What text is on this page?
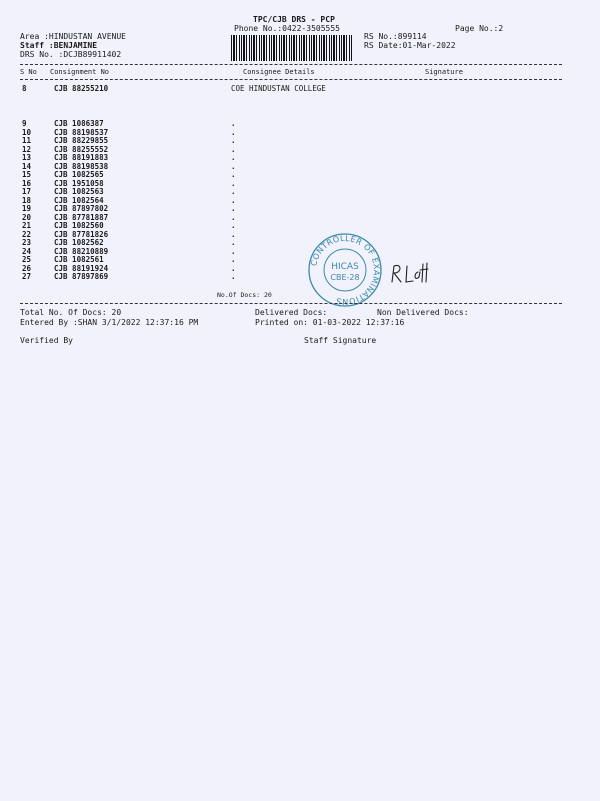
TPC/CJB DRS - PCP
Phone No.:0422-3505555	Page No.:2
Area :HINDUSTAN AVENUE
Staff :BENJAMINE
DRS No. :DCJB89911402
RS No.:899114
RS Date:01-Mar-2022
S No Consignment No	Consignee Details	Signature
8	CJB 88255210	COE HINDUSTAN COLLEGE
9	CJB 1086387	.
10	CJB 88198537	.
11	CJB 88229855	.
12	CJB 88255552	.
13	CJB 88191883	.
14	CJB 88198538	.
15	CJB 1082565	.
16	CJB 1951058	.
17	CJB 1082563	.
18	CJB 1082564	.
19	CJB 87897802	.
20	CJB 87781887	.
21	CJB 1082560	.
22	CJB 87781826	.
23	CJB 1082562	.
24	CJB 88210889	.
25	CJB 1082561	.
26	CJB 88191924	.
27	CJB 87897869	.
No.Of Docs: 20
CONTROLLER OF EXAMINATIONS
HICAS
CBE-28
Total No. Of Docs: 20	Delivered Docs:	Non Delivered Docs:
Entered By :SHAN 3/1/2022 12:37:16 PM	Printed on: 01-03-2022 12:37:16
Verified By	Staff Signature
